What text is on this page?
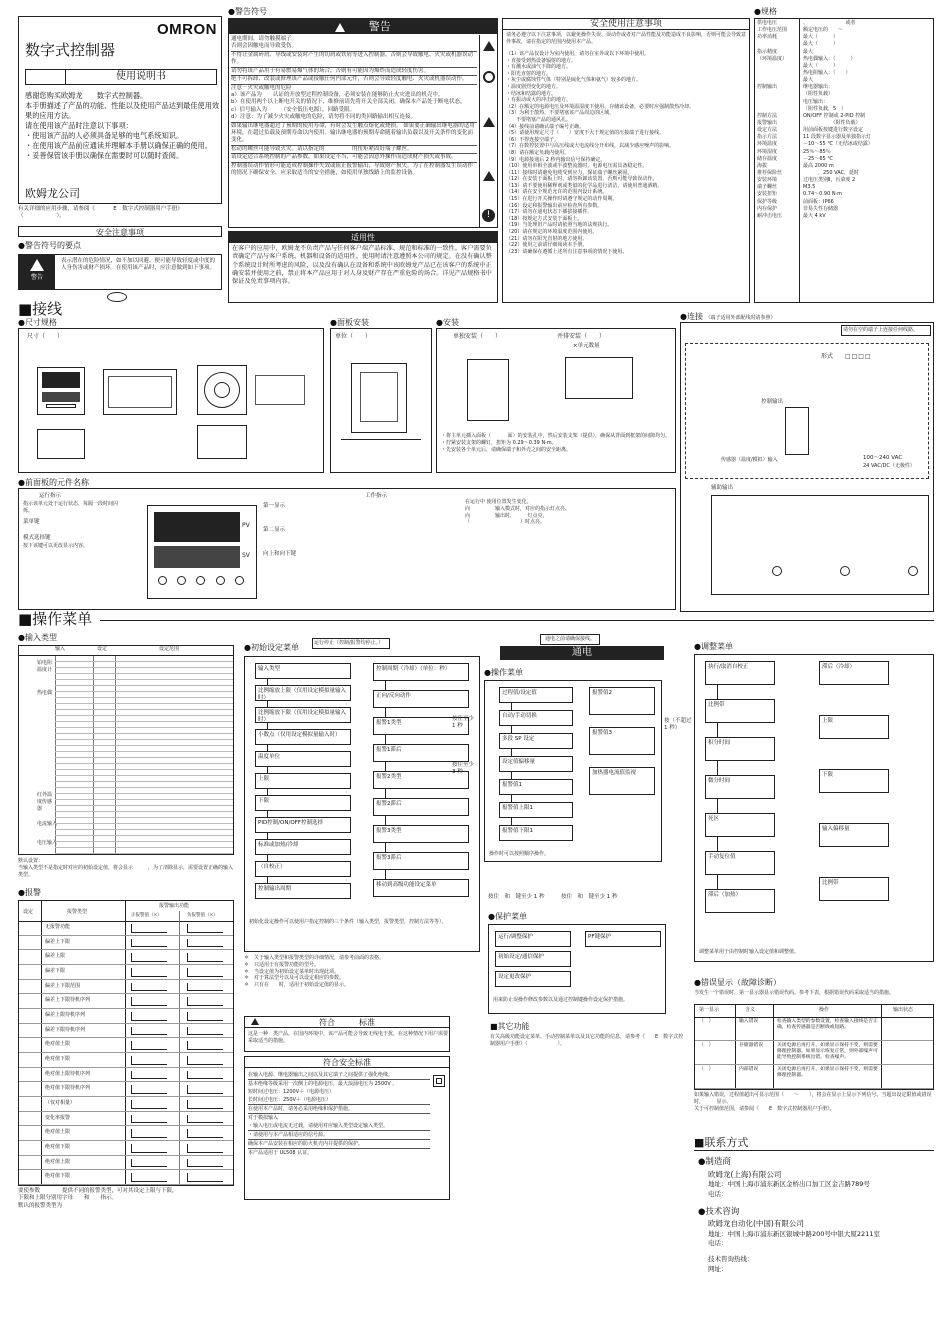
OMRON
数字式控制器
使用说明书
感谢您购买欧姆龙　　数字式控制器。
本手册描述了产品的功能、性能以及使用产品达到最佳使用效果的应用方法。
请在使用该产品时注意以下事项：
・使用该产品的人必须具备足够的电气系统知识。
・在使用该产品前应通读并理解本手册以确保正确的使用。
・妥善保管该手册以确保在需要时可以随时查阅。
欧姆龙公司
有关详细的应用步骤，请参阅《　　　 E　数字式控制器用户手册》（　　　　　　）。
安全注意事项
●警告符号的要点
警告
表示潜在的危险情况，如不加以回避，便可能导致轻度或中度的人身伤害或财产损坏。在使用该产品时，应注意做到如下事项。
●警告符号
警告
通电期间，请勿触摸端子。
否则会因触电而导致受伤。
不得让金属碎屑、导线或安装时产生的切屑或铁屑等进入控制器，否则会导致触电、火灾或机器误动作。
请勿将该产品用于有易燃易爆气体的场合，否则有可能因为爆炸而造成轻度伤害。
绝不可拆卸、改装或修理该产品或接触任何内部元件，否则会导致轻度触电、火灾或机器误动作。
注意－火灾或触电的危险
a）该产品为　　认证的开放型过程控制设备，必须安装在能够防止火灾进出的机壳中。
b）在使用两个以上断电开关的情况下，维修前请先将开关全部关闭，确保本产品处于断电状态。
c）信号输入为　　　（安全低压电源），回路受限。
d）注意：为了减少火灾或触电的危险，请勿将不同的类回路输出相互连接。
如果输出继电器超过了预期的使用寿命，有时会发生触点熔化或烧损。 如果要正确输出继电器的适用环境，在超过负载及预期寿命以内使用。输出继电器的预期寿命随着输出负载以及开关条件的变化而变化。
松动的螺丝可能导致火灾。请以指定的　　　　　的扭矩紧固好端子螺丝。
请设定适合系统控制的产品参数。如果设定不当，可能会因意外操作而造成财产损失或事故。
控制器误动作情形可能造成控制操作失效或阻止报警输出，导致财产损失。为了在控制器发生误动作的情况下确保安全，应采取适当的安全措施，如使用单独线路上的监控设备。
!
适用性
在客户的应用中，欧姆龙不负责产品与任何客户端产品标准、规范和标准的一致性。客户需要负责确定产品与客户系统、机器和设备的适用性。使用时请注意遵照本公司的规定。在没有确认整个系统设计时所考虑的风险，以及没有确认在设备和系统中该欧姆龙产品已在该客户的系统中正确安装并使用之前，禁止将本产品应用于对人身及财产存在严重危险的场合。详见产品规格书中保证及免责事项内容。
安全使用注意事项
请务必遵守以下注意事项，以避免操作失误、误动作或者对产品性能及功能造成不良影响，否则可能会导致意外事故，请在指定的范围内使用本产品。
（1）该产品仅设计为室内使用，请勿在室外或以下环境中使用。
・直接受到热设备辐射的地方。
・有溅水或油气下降的地方。
・阳光直射的地方。
・灰尘或腐蚀性气体（特别是硫化气体和氨气）较多的地方。
・温度剧烈变化的地方。
・结冰和结露的地方。
・有振动或大的冲击的地方。
（2）在额定的电源电压及环境温湿度下使用、存储该设备，必要时应强制散热冷却。
（3）为利于散热，不要堵塞该产品周边的区域。
　　不要堵塞产品的通风孔。
（4）接线前请确认端子编号正确。
（5）请使用规定尺寸（　　）宽度不大于规定值的压接端子进行接线。
（6）不得连接空端子。
（7）在数控装置中与高压线或大电流线分开布线，以减少感应噪声的影响。
（8）请在额定负载内使用。
（9）电源接通后 2 秒内输出信号保持确定。
（10）使用单相全波或半波整流器时，电源电压需具备稳定性。
（11）接线时请避免电缆受到应力，保证端子螺丝紧固。
（12）在安装于面板上时，请勿拆卸该装置，否则可能导致误动作。
（13）请不要使用稀释剂或类似的化学品进行清洁，请使用普通酒精。
（14）请在安全规范允许的范围内设计系统。
（15）在进行开关操作时请遵守规定的动作周期。
（16）设定和报警输出前应检查所有参数。
（17）请勿在通电状态下插拔接插件。
（18）按规定方式安装于面板上。
（19）当处理旧产品时请依照当地的法规执行。
（20）请在规定的环境温度范围内使用。
（21）请勿在阳光直射的地方使用。
（22）使用之前请仔细阅读本手册。
（23）请确保在遵循上述所有注意事项的情况下使用。
●规格
供电电压	、　　　　　　　　或者
工作电压范围	额定电压的　　～
功率消耗	最大（　　　）
最大（　　　）
指示精度	最大　　　　　
（环境温度）	热电偶输入：（　　　）
最大（　　　）
热电阻输入：（　　）
最大　　　
控制输出	继电器输出：　　　　　
（阻性负载）
电压输出：　　　　　　　
（阻性负载，5　）
控制方法	ON/OFF 控制或 2-PID 控制
报警输出	　　　　　　（阻性负载）
设定方法	用前面板按键进行数字设定
指示方法	11 段数字显示器及单独指示灯
环境温度	－10～55 ℃（无结冰或结露）
环境湿度	25％～85％
储存温度	－25～65 ℃
海拔	最高 2000 m
推荐保险丝	　　　，250 VAC，延时
安装环境	过电压类别Ⅱ，污染度 2
端子螺丝	M3.5
安装扭矩	0.74～0.90 N·m
保护等级	前面板：IP66
内存保护	非易失性存储器
耐冲击电压	最大 4 kV
■接线
●尺寸规格
尺寸（　　）
●面板安装
单位（　　）
●安装
单独安装（　　）	并排安装（　　）
×单元数量
・将主单元插入面板（　　　 面）的安装孔中，然后安装支架（提供），确保从背面到框架的间隙均匀。
・拧紧安装支架的螺钉，扭矩为 0.29～0.39 N·m。
・先安装各个单元后，请确保端子和外壳之间的安全距离。
●连接 （端子适用外部配线时请参照）
请勿在空的端子上连接任何线路。
形式 □□□□
控制输出
传感器（温度/模拟）输入	100～240 VAC
24 VAC/DC（无极性）
辅助输出
●前面板的元件名称
运行指示
指示该单元处于运行状态，每隔一段时间闪烁。
菜单键
模式选择键
按下该键可以更改显示内容。
PV
SV
向上和向下键
第一显示
第二显示
工作指示
在运行中 使用位置发生变化。
向　　　　　输入模式时，对应的指示灯点亮。
向　　　　　输出时，　　　灯点亮。
（　　　　　　　　　　）时点亮。
■操作菜单
●输入类型
输入	设定	设定范围
铂电阻温度计
热电偶
红外温度传感器
电流输入
电压输入
默认设置：
当输入类型不是指定时对应的初始设定值，将会显示　　　，为了清除显示，需要设置正确的输入类型。
●报警
设定	报警类型
报警输出功能
正报警值（×）	负报警值（×）
无报警功能
偏差上下限
偏差上限
偏差下限
偏差上下限范围
偏差上下限待机序列
偏差上限待机序列
偏差下限待机序列
绝对值上限
绝对值下限
绝对值上限待机序列
绝对值下限待机序列
（仅对相量）
变化率报警
绝对值上限
绝对值下限
绝对值上限
绝对值下限
要使参数　　　　提供不同的报警类型，可对其设定上限与下限，
下限和上限分别用字母　　和　　指示。
默认的报警类型为
●初始设定菜单	运行停止（控制/报警均停止。）
输入类型
比例缩放上限（仅用设定模拟量输入时）
比例缩放下限（仅用设定模拟量输入时）
小数点（仅用设定模拟量输入时）
温度单位
上限
下限
PID控制/ON/OFF控制选择
标准或加热/冷却
（自校正）
控制输出周期
控制周期（冷却）（单位：秒）
正向/反向动作
报警1类型
报警1滞后
报警2类型
报警2滞后
报警3类型
报警3滞后
移动到高级功能设定菜单
初始化设定操作可以使用户指定控制的三个条件（输入类型，报警类型，控制方法等等）。
＊　关于输入类型和报警类型的详细情况，请参考前面的表格。
＊　只适用于有报警功能的型号。
＊　当设定值为初始设定菜单时出现此项。
＊　对于算法型号以及可以设定相应的参数。
＊　只有在　　时，适用于初始设定值的显示。
符合　　　标准
这是一种　类产品。在国内环境中，该产品可能会导致无线电干扰，在这种情况下用户需要采取适当的措施。
符合安全标准
在输入电源、继电器输出之间以及其它端子之间提供了强化绝缘。
基本绝缘等级采用一次侧上的电源电压，最大浪涌电压为 2500V 。
短时间过电压：1200V＋（电源电压）
长时间过电压：250V＋（电源电压）
在使用本产品时，请务必采用绝缘和保护措施。
对于模拟输入
・输入电压或电流无过载，请使用对应输入类型设定输入类型。
・请使用与本产品相适应的信号源。
确保本产品安装在相应的防火机壳内并提供的保护。
本产品适用于 UL508 认证。
通电之前请确保接线。
通电
●操作菜单
过程值/设定值
自动/手动切换
多段 SP 设定
设定值偏移量
报警值1
报警值上限1
报警值下限1
报警值2
报警值3
加热器电流值监视
操作时可以按照顺序操作。
按住至少　1 秒
按住至少　3 秒
按（不超过 1 秒）
按住　和　键至少 1 秒　　　按住　和　键至少 1 秒
●保护菜单
运行/调整保护
初始设定/通信保护
设定更改保护
PF键保护
用来防止误操作修改参数以及通过控制键操作设定保护措施。
■其它功能
有关高级功能设定菜单、手动控制菜单以及其它功能的信息，请参考《　　E　数字式控制器用户手册》（　　　　　　）。
●调整菜单
执行/取消自校正
比例带
积分时间
微分时间
死区
手动复位值
滞后（加热）
滞后（冷却）
上限
下限
输入偏移量
比例带
调整菜单用于由控制时输入设定值和调整值。
●错误显示（故障诊断）
当发生一个错误时，第一显示器显示错误代码。参考下表，根据错误代码采取适当的措施。
第一显示	含义	操作	输出状态
（　）	输入错误	检查输入类型的参数设置，检查输入接线是否正确，检查传感器是否断线或短路。
（　）	存储器错误	关闭电源后再打开。如果显示保持不变，则需要修理控制器。如果显示恢复正常，则外部噪声可能导致控制系统出错。检查噪声。
（　）	内部错误	关闭电源后再打开。如果显示保持不变，则需要修理控制器。
如果输入错误，过程值超出可显示范围（　　～　　），将会在显示上显示下列信号。当超出设定限值或错误时，　　　显示。
关于可控制值范围，请参阅《　　E　数字式控制器用户手册》。
■联系方式
●制造商
欧姆龙(上海)有限公司
地址：中国上海市浦东新区金桥出口加工区金吉路789号
电话：
●技术咨询
欧姆龙自动化(中国)有限公司
地址：中国上海市浦东新区银城中路200号中银大厦2211室
电话：
技术咨询热线：
网址：
